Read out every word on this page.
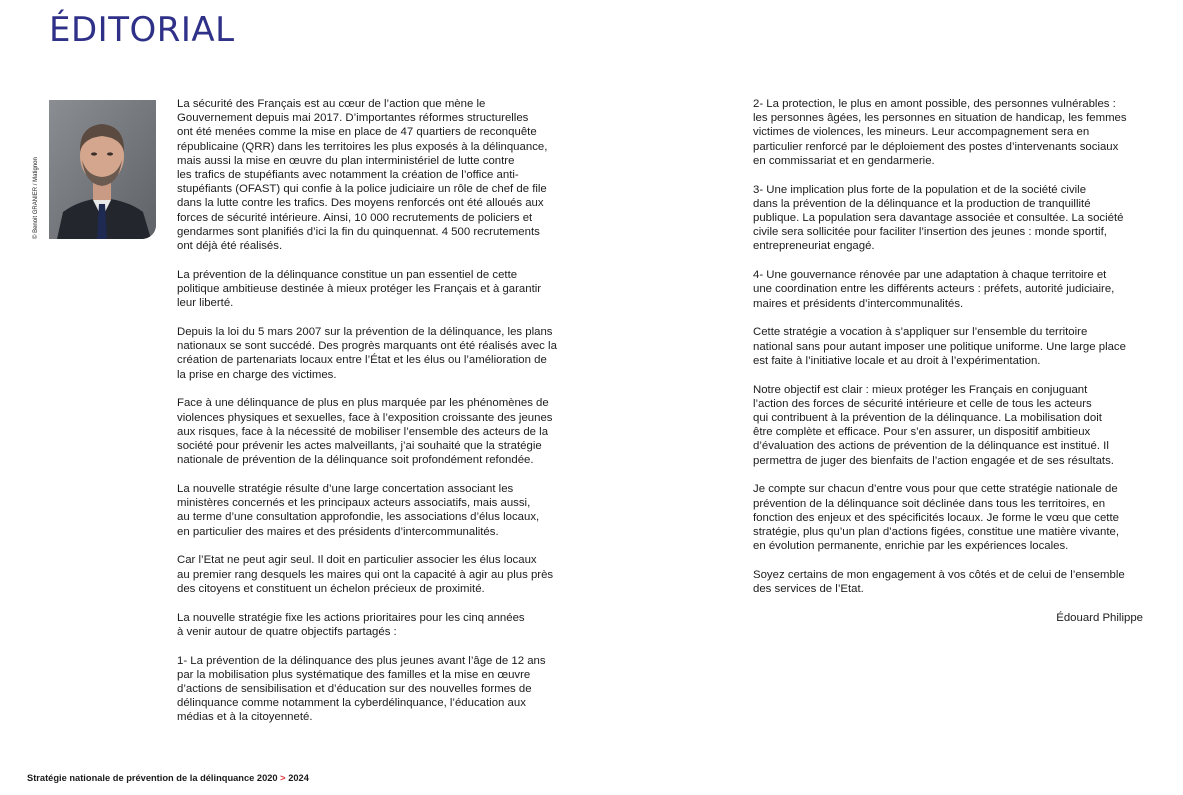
ÉDITORIAL
© Benoit GRANIER / Matignon

La sécurité des Français est au cœur de l’action que mène le
Gouvernement depuis mai 2017. D’importantes réformes structurelles
ont été menées comme la mise en place de 47 quartiers de reconquête
républicaine (QRR) dans les territoires les plus exposés à la délinquance,
mais aussi la mise en œuvre du plan interministériel de lutte contre
les trafics de stupéfiants avec notamment la création de l’office anti-
stupéfiants (OFAST) qui confie à la police judiciaire un rôle de chef de file
dans la lutte contre les trafics. Des moyens renforcés ont été alloués aux
forces de sécurité intérieure. Ainsi, 10 000 recrutements de policiers et
gendarmes sont planifiés d’ici la fin du quinquennat. 4 500 recrutements
ont déjà été réalisés.

La prévention de la délinquance constitue un pan essentiel de cette
politique ambitieuse destinée à mieux protéger les Français et à garantir
leur liberté.

Depuis la loi du 5 mars 2007 sur la prévention de la délinquance, les plans
nationaux se sont succédé. Des progrès marquants ont été réalisés avec la
création de partenariats locaux entre l’État et les élus ou l’amélioration de
la prise en charge des victimes.

Face à une délinquance de plus en plus marquée par les phénomènes de
violences physiques et sexuelles, face à l’exposition croissante des jeunes
aux risques, face à la nécessité de mobiliser l’ensemble des acteurs de la
société pour prévenir les actes malveillants, j’ai souhaité que la stratégie
nationale de prévention de la délinquance soit profondément refondée.

La nouvelle stratégie résulte d’une large concertation associant les
ministères concernés et les principaux acteurs associatifs, mais aussi,
au terme d’une consultation approfondie, les associations d’élus locaux,
en particulier des maires et des présidents d’intercommunalités.

Car l’Etat ne peut agir seul. Il doit en particulier associer les élus locaux
au premier rang desquels les maires qui ont la capacité à agir au plus près
des citoyens et constituent un échelon précieux de proximité.

La nouvelle stratégie fixe les actions prioritaires pour les cinq années
à venir autour de quatre objectifs partagés :

1- La prévention de la délinquance des plus jeunes avant l’âge de 12 ans
par la mobilisation plus systématique des familles et la mise en œuvre
d’actions de sensibilisation et d’éducation sur des nouvelles formes de
délinquance comme notamment la cyberdélinquance, l’éducation aux
médias et à la citoyenneté.

2- La protection, le plus en amont possible, des personnes vulnérables :
les personnes âgées, les personnes en situation de handicap, les femmes
victimes de violences, les mineurs. Leur accompagnement sera en
particulier renforcé par le déploiement des postes d’intervenants sociaux
en commissariat et en gendarmerie.

3- Une implication plus forte de la population et de la société civile
dans la prévention de la délinquance et la production de tranquillité
publique. La population sera davantage associée et consultée. La société
civile sera sollicitée pour faciliter l’insertion des jeunes : monde sportif,
entrepreneuriat engagé.

4- Une gouvernance rénovée par une adaptation à chaque territoire et
une coordination entre les différents acteurs : préfets, autorité judiciaire,
maires et présidents d’intercommunalités.

Cette stratégie a vocation à s’appliquer sur l’ensemble du territoire
national sans pour autant imposer une politique uniforme. Une large place
est faite à l’initiative locale et au droit à l’expérimentation.

Notre objectif est clair : mieux protéger les Français en conjuguant
l’action des forces de sécurité intérieure et celle de tous les acteurs
qui contribuent à la prévention de la délinquance. La mobilisation doit
être complète et efficace. Pour s’en assurer, un dispositif ambitieux
d’évaluation des actions de prévention de la délinquance est institué. Il
permettra de juger des bienfaits de l’action engagée et de ses résultats.

Je compte sur chacun d’entre vous pour que cette stratégie nationale de
prévention de la délinquance soit déclinée dans tous les territoires, en
fonction des enjeux et des spécificités locaux. Je forme le vœu que cette
stratégie, plus qu’un plan d’actions figées, constitue une matière vivante,
en évolution permanente, enrichie par les expériences locales.

Soyez certains de mon engagement à vos côtés et de celui de l’ensemble
des services de l’Etat.

Édouard Philippe

Stratégie nationale de prévention de la délinquance 2020 > 2024
